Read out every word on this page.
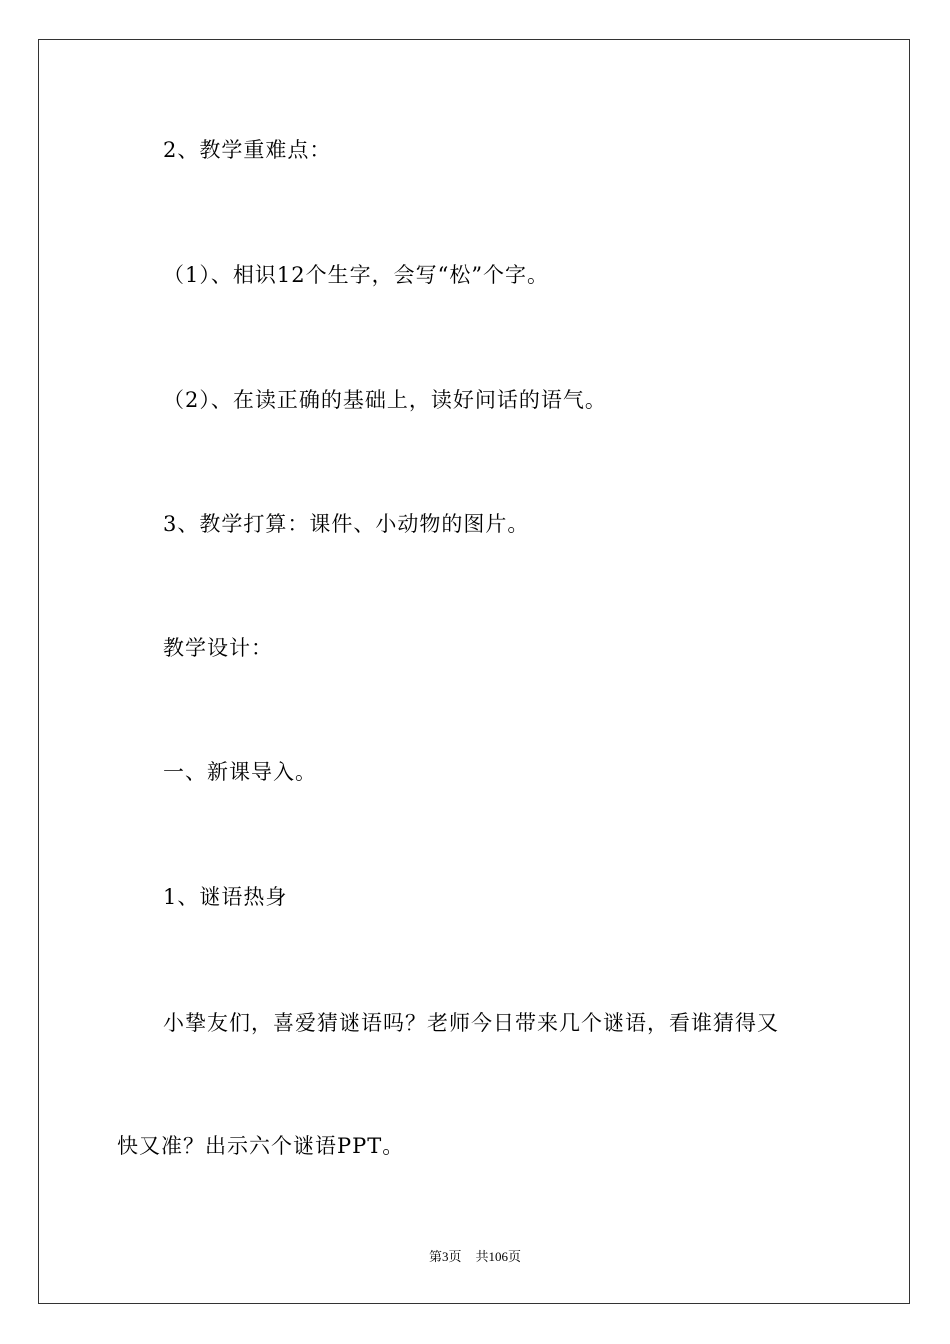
2、教学重难点：
（1）、相识12个生字，会写“松”个字。
（2）、在读正确的基础上，读好问话的语气。
3、教学打算：课件、小动物的图片。
教学设计：
一、新课导入。
1、谜语热身
小挚友们，喜爱猜谜语吗？老师今日带来几个谜语，看谁猜得又
快又准？出示六个谜语PPT。
第3页 共106页
